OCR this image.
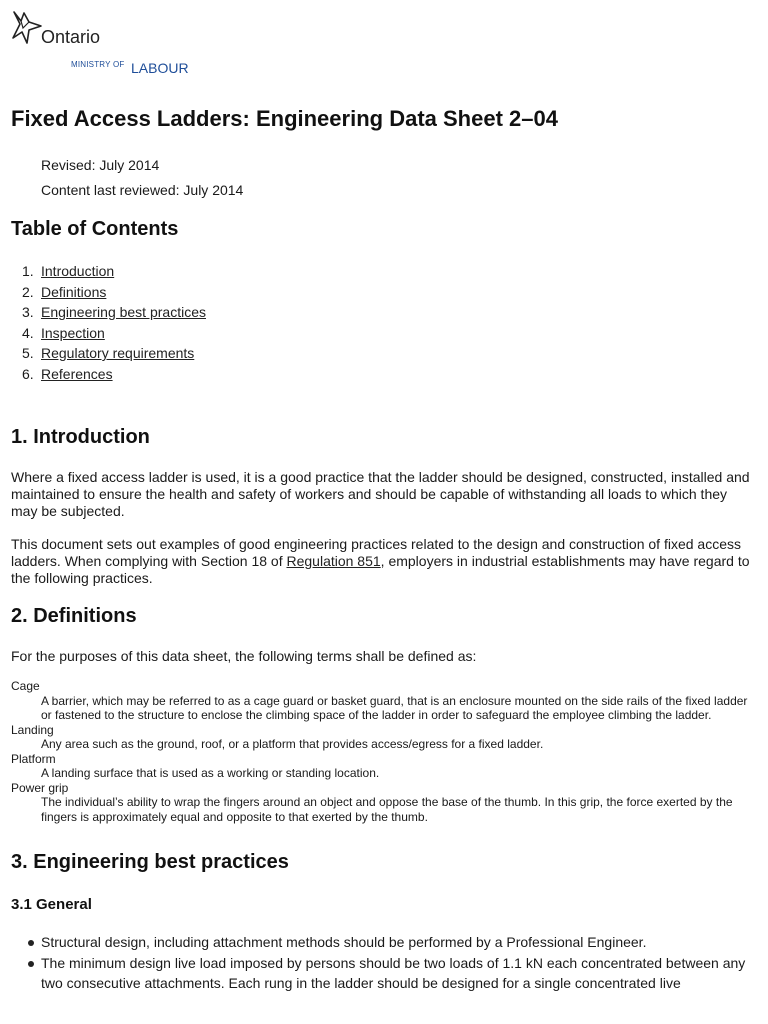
Ontario
MINISTRY OF LABOUR
Fixed Access Ladders: Engineering Data Sheet 2–04

Revised: July 2014

Content last reviewed: July 2014

Table of Contents
1. Introduction
2. Definitions
3. Engineering best practices
4. Inspection
5. Regulatory requirements
6. References
1. Introduction

Where a fixed access ladder is used, it is a good practice that the ladder should be designed, constructed, installed and maintained to ensure the health and safety of workers and should be capable of withstanding all loads to which they may be subjected.

This document sets out examples of good engineering practices related to the design and construction of fixed access ladders. When complying with Section 18 of Regulation 851, employers in industrial establishments may have regard to the following practices.

2. Definitions

For the purposes of this data sheet, the following terms shall be defined as:

Cage
A barrier, which may be referred to as a cage guard or basket guard, that is an enclosure mounted on the side rails of the fixed ladder or fastened to the structure to enclose the climbing space of the ladder in order to safeguard the employee climbing the ladder.
Landing
Any area such as the ground, roof, or a platform that provides access/egress for a fixed ladder.
Platform
A landing surface that is used as a working or standing location.
Power grip
The individual’s ability to wrap the fingers around an object and oppose the base of the thumb. In this grip, the force exerted by the fingers is approximately equal and opposite to that exerted by the thumb.
3. Engineering best practices
3.1 General
Structural design, including attachment methods should be performed by a Professional Engineer.
The minimum design live load imposed by persons should be two loads of 1.1 kN each concentrated between any two consecutive attachments. Each rung in the ladder should be designed for a single concentrated live
